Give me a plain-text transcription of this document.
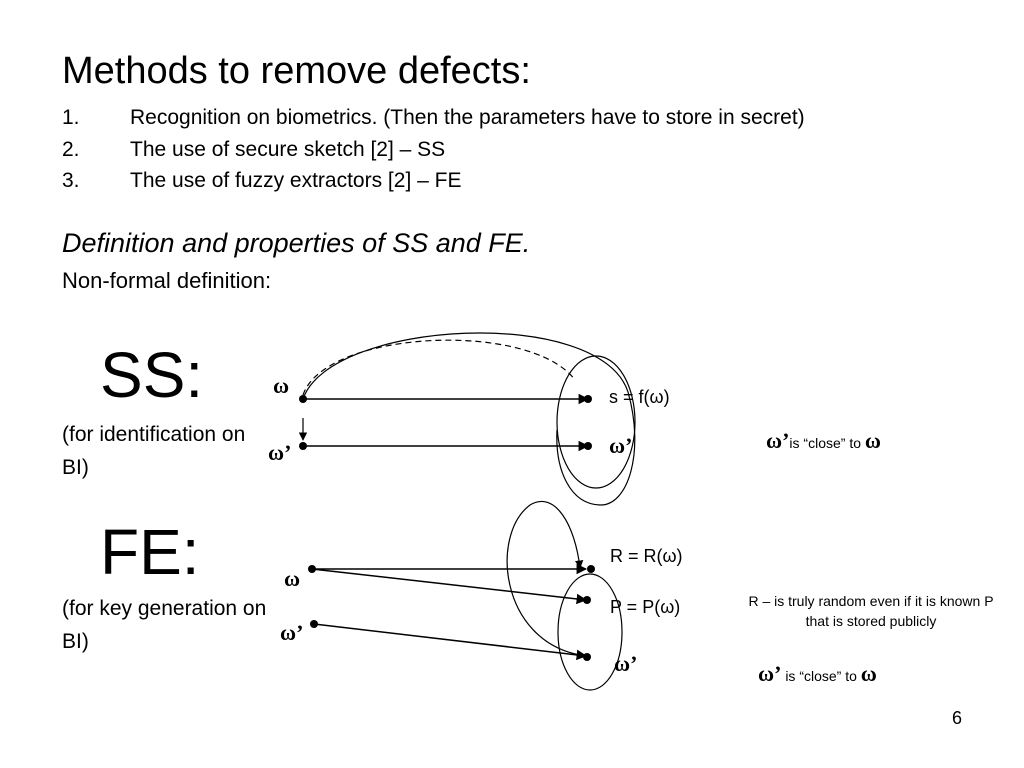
Methods to remove defects:
1. Recognition on biometrics. (Then the parameters have to store in secret)
2. The use of secure sketch [2] – SS
3. The use of fuzzy extractors [2] – FE
Definition and properties of SS and FE.
Non-formal definition:
SS:
(for identification on BI)
ω
ω’
s = f(ω)
ω’	ω’is “close” to ω
FE:
(for key generation on BI)
ω
ω’
R = R(ω)
P = P(ω)
ω’
R – is truly random even if it is known P
that is stored publicly
ω’ is “close” to ω
6
